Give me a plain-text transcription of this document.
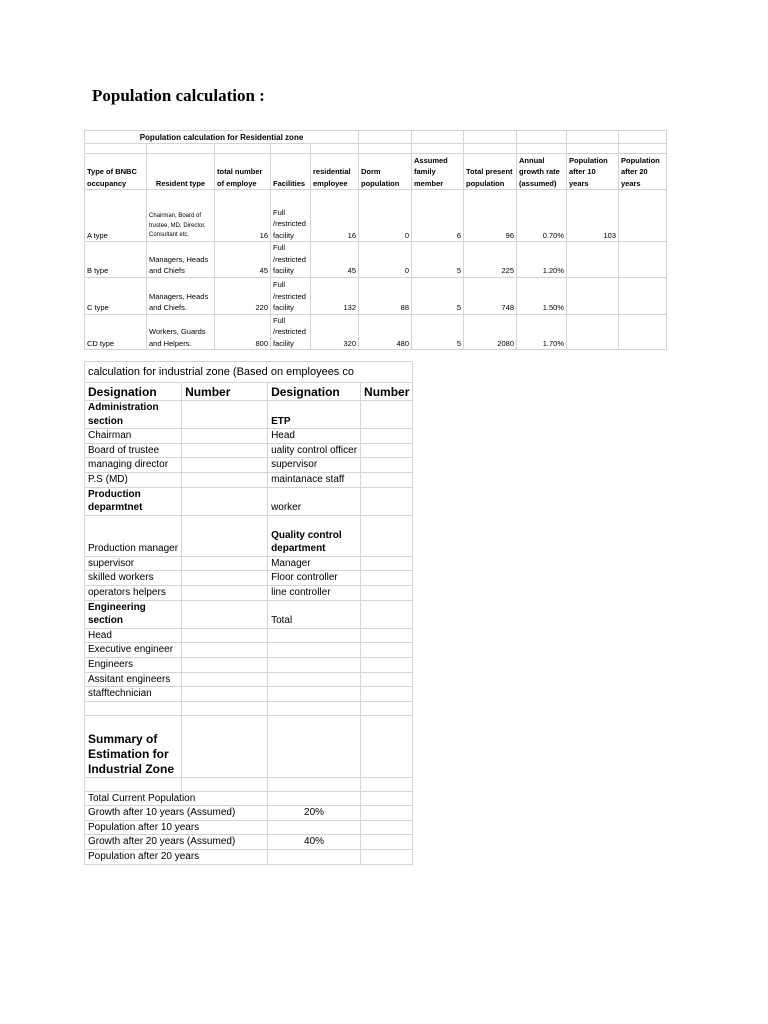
Population calculation :
Population calculation for Residential zone										

Type of BNBC occupancy	Resident type	total number of employe	Facilities	residential employee	Dorm population	Assumed family member	Total present population	Annual growth rate (assumed)	Population after 10 years	Population after 20 years
A type	Chairman, Board of trustee, MD, Director, Consultant etc.	16	Full /restricted facility	16	0	6	96	0.70%	103	
B type	Managers, Heads and Chiefs	45	Full /restricted facility	45	0	5	225	1.20%		
C type	Managers, Heads and Chiefs.	220	Full /restricted facility	132	88	5	748	1.50%		
CD type	Workers, Guards and Helpers.	800	Full /restricted facility	320	480	5	2080	1.70%		
calculation for industrial zone (Based on employees co			
Designation	Number	Designation	Number
Administration section		ETP	
Chairman		Head	
Board of trustee		uality control officer	
managing director		supervisor	
P.S (MD)		maintanace staff	
Production deparmtnet		worker	
Production manager		Quality control department	
supervisor		Manager	
skilled workers		Floor controller	
operators helpers		line controller	
Engineering section		Total	
Head			
Executive engineer			
Engineers			
Assitant engineers			
stafftechnician			

Summary of Estimation for Industrial Zone			

Total Current Population			
Growth after 10 years (Assumed)		20%	
Population after 10 years			
Growth after 20 years (Assumed)		40%	
Population after 20 years			
